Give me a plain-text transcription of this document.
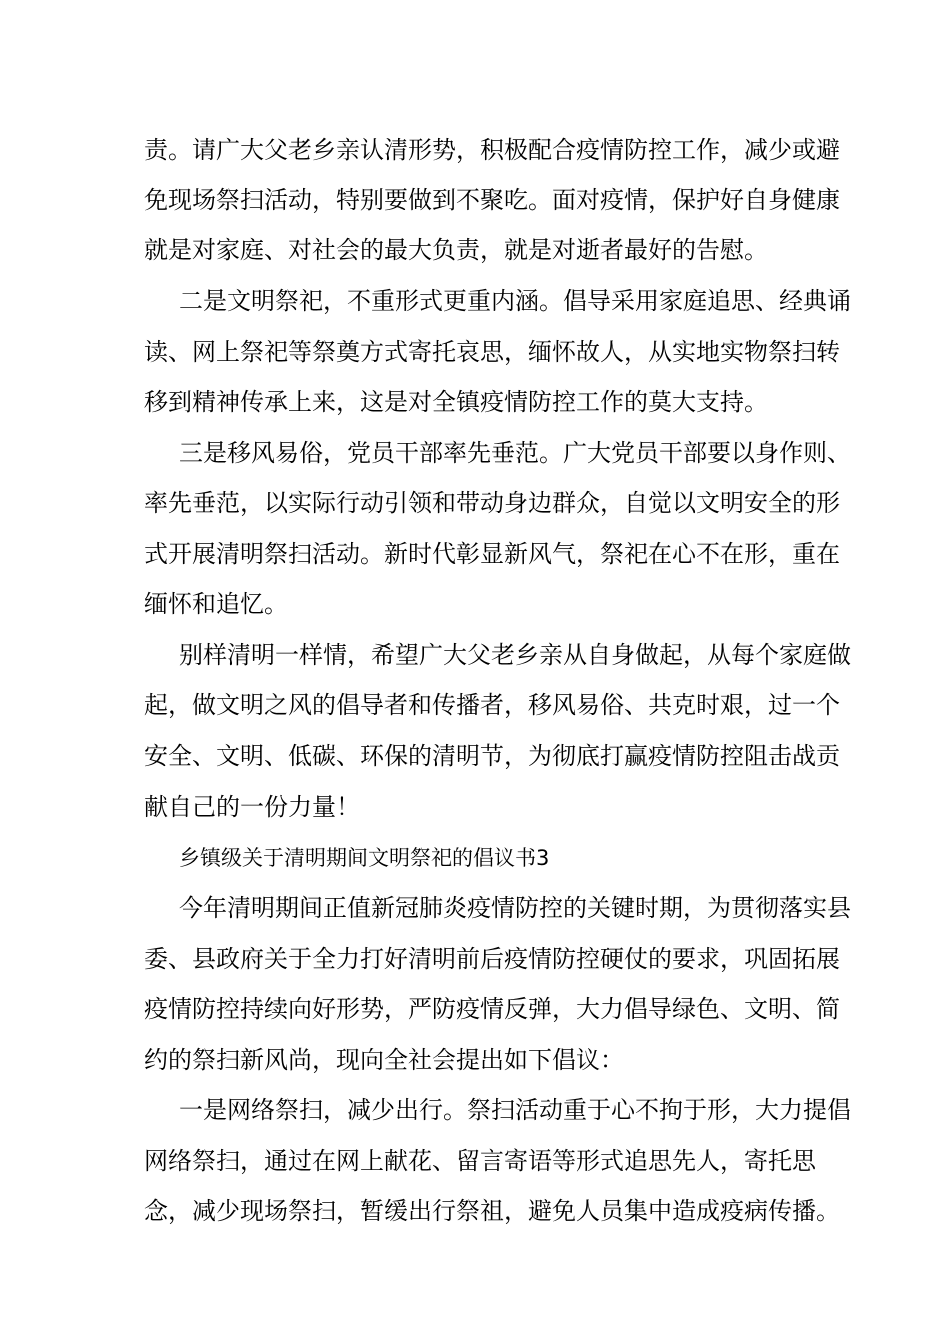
责。请广大父老乡亲认清形势，积极配合疫情防控工作，减少或避
免现场祭扫活动，特别要做到不聚吃。面对疫情，保护好自身健康
就是对家庭、对社会的最大负责，就是对逝者最好的告慰。
二是文明祭祀，不重形式更重内涵。倡导采用家庭追思、经典诵
读、网上祭祀等祭奠方式寄托哀思，缅怀故人，从实地实物祭扫转
移到精神传承上来，这是对全镇疫情防控工作的莫大支持。
三是移风易俗，党员干部率先垂范。广大党员干部要以身作则、
率先垂范，以实际行动引领和带动身边群众，自觉以文明安全的形
式开展清明祭扫活动。新时代彰显新风气，祭祀在心不在形，重在
缅怀和追忆。
别样清明一样情，希望广大父老乡亲从自身做起，从每个家庭做
起，做文明之风的倡导者和传播者，移风易俗、共克时艰，过一个
安全、文明、低碳、环保的清明节，为彻底打赢疫情防控阻击战贡
献自己的一份力量！
乡镇级关于清明期间文明祭祀的倡议书3
今年清明期间正值新冠肺炎疫情防控的关键时期，为贯彻落实县
委、县政府关于全力打好清明前后疫情防控硬仗的要求，巩固拓展
疫情防控持续向好形势，严防疫情反弹，大力倡导绿色、文明、简
约的祭扫新风尚，现向全社会提出如下倡议：
一是网络祭扫，减少出行。祭扫活动重于心不拘于形，大力提倡
网络祭扫，通过在网上献花、留言寄语等形式追思先人，寄托思
念，减少现场祭扫，暂缓出行祭祖，避免人员集中造成疫病传播。
